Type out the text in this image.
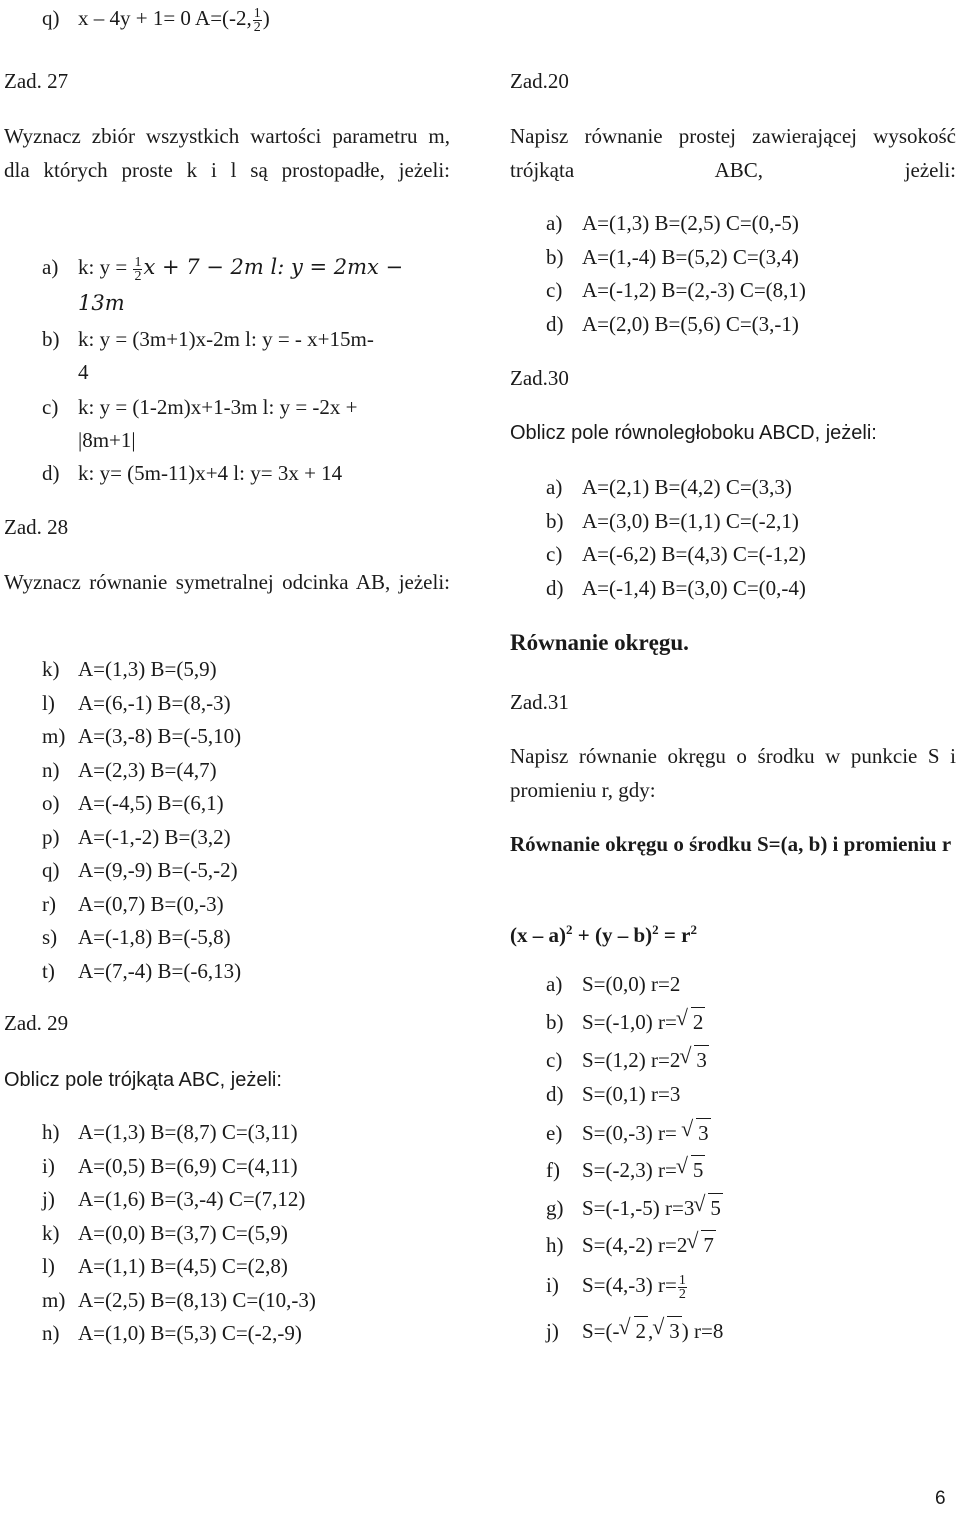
q) x – 4y + 1= 0 A=(-2, $\frac{1}{2}$ )
Zad. 27
Wyznacz zbiór wszystkich wartości parametru m, dla których proste k i l są prostopadłe, jeżeli:
a) k: $y = \frac{1}{2}$ x + 7 − 2m l: y = 2mx −
13m
b) k: y = (3m+1)x-2m l: y = - x+15m-
4
c) k: y = (1-2m)x+1-3m l: y = -2x +
|8m+1|
d) k: y= (5m-11)x+4 l: y= 3x + 14
Zad. 28
Wyznacz równanie symetralnej odcinka AB, jeżeli:
k) A=(1,3) B=(5,9)
l) A=(6,-1) B=(8,-3)
m) A=(3,-8) B=(-5,10)
n) A=(2,3) B=(4,7)
o) A=(-4,5) B=(6,1)
p) A=(-1,-2) B=(3,2)
q) A=(9,-9) B=(-5,-2)
r) A=(0,7) B=(0,-3)
s) A=(-1,8) B=(-5,8)
t) A=(7,-4) B=(-6,13)
Zad. 29
Oblicz pole trójkąta ABC, jeżeli:
h) A=(1,3) B=(8,7) C=(3,11)
i) A=(0,5) B=(6,9) C=(4,11)
j) A=(1,6) B=(3,-4) C=(7,12)
k) A=(0,0) B=(3,7) C=(5,9)
l) A=(1,1) B=(4,5) C=(2,8)
m) A=(2,5) B=(8,13) C=(10,-3)
n) A=(1,0) B=(5,3) C=(-2,-9)
Zad.20
Napisz równanie prostej zawierającej wysokość trójkąta ABC, jeżeli:
a) A=(1,3) B=(2,5) C=(0,-5)
b) A=(1,-4) B=(5,2) C=(3,4)
c) A=(-1,2) B=(2,-3) C=(8,1)
d) A=(2,0) B=(5,6) C=(3,-1)
Zad.30
Oblicz pole równoległoboku ABCD, jeżeli:
a) A=(2,1) B=(4,2) C=(3,3)
b) A=(3,0) B=(1,1) C=(-2,1)
c) A=(-6,2) B=(4,3) C=(-1,2)
d) A=(-1,4) B=(3,0) C=(0,-4)
Równanie okręgu.
Zad.31
Napisz równanie okręgu o środku w punkcie S i promieniu r, gdy:
Równanie okręgu o środku S=(a, b) i promieniu r
$(x - a)^2 + (y - b)^2 = r^2$
a) S=(0,0) r=2
b) S=(-1,0) r= √ 2
c) S=(1,2) r=2 √ 3
d) S=(0,1) r=3
e) S=(0,-3) r= √ 3
f) S=(-2,3) r= √ 5
g) S=(-1,-5) r=3 √ 5
h) S=(4,-2) r=2 √ 7
i) S=(4,-3) $r= \frac{1}{2}$
j) S=(- √ 2, √ 3) r=8
6
